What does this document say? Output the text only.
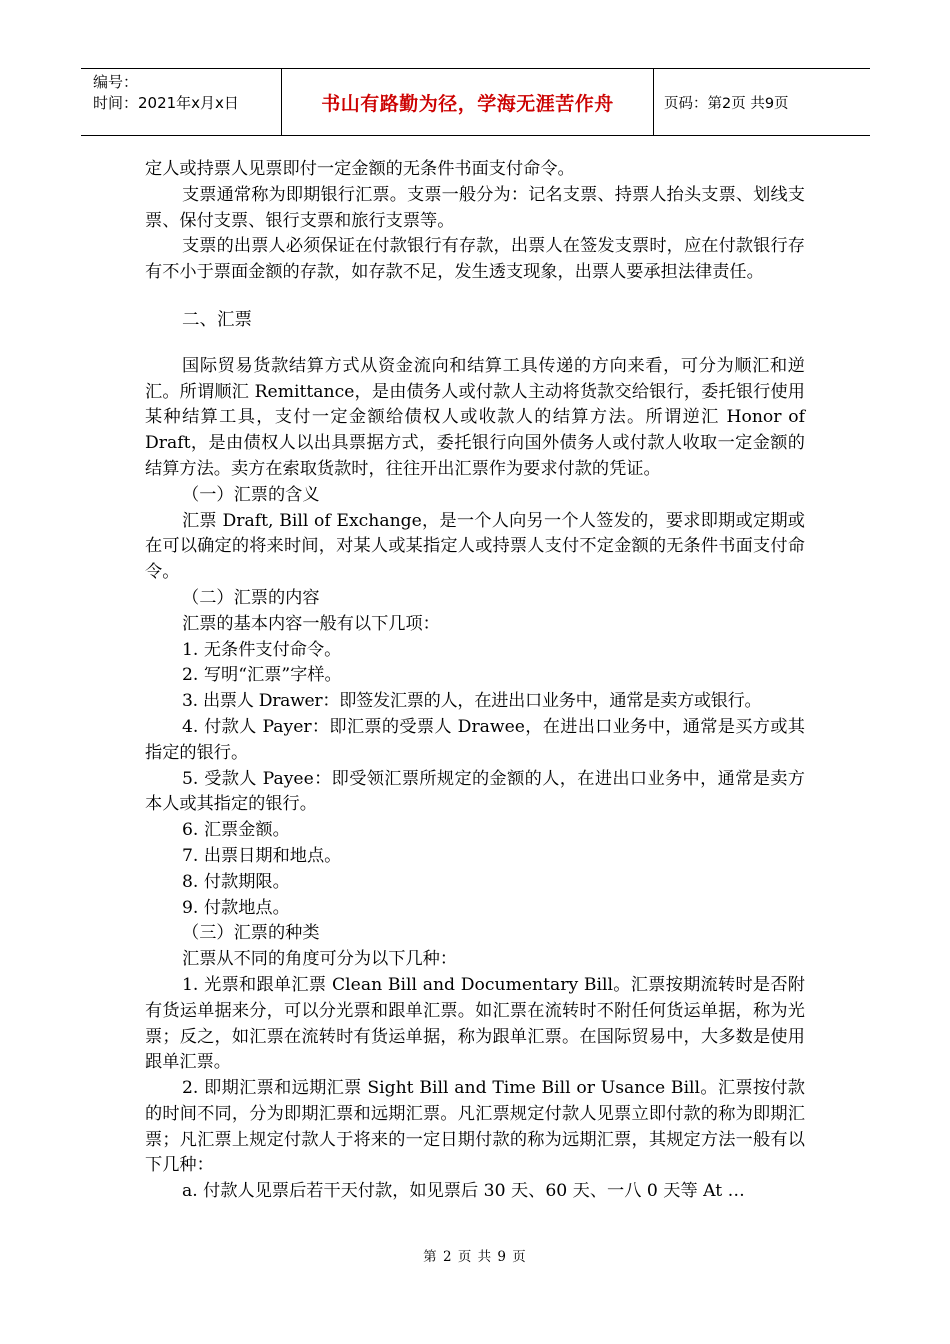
编号：
时间：2021年x月x日	书山有路勤为径，学海无涯苦作舟	页码：第2页 共9页

定人或持票人见票即付一定金额的无条件书面支付命令。

支票通常称为即期银行汇票。支票一般分为：记名支票、持票人抬头支票、划线支票、保付支票、银行支票和旅行支票等。

支票的出票人必须保证在付款银行有存款，出票人在签发支票时，应在付款银行存有不小于票面金额的存款，如存款不足，发生透支现象，出票人要承担法律责任。

二、汇票

国际贸易货款结算方式从资金流向和结算工具传递的方向来看，可分为顺汇和逆汇。所谓顺汇 Remittance，是由债务人或付款人主动将货款交给银行，委托银行使用某种结算工具，支付一定金额给债权人或收款人的结算方法。所谓逆汇 Honor of Draft，是由债权人以出具票据方式，委托银行向国外债务人或付款人收取一定金额的结算方法。卖方在索取货款时，往往开出汇票作为要求付款的凭证。

（一）汇票的含义

汇票 Draft, Bill of Exchange，是一个人向另一个人签发的，要求即期或定期或在可以确定的将来时间，对某人或某指定人或持票人支付不定金额的无条件书面支付命令。

（二）汇票的内容

汇票的基本内容一般有以下几项：

1. 无条件支付命令。

2. 写明“汇票”字样。

3. 出票人 Drawer：即签发汇票的人，在进出口业务中，通常是卖方或银行。

4. 付款人 Payer：即汇票的受票人 Drawee，在进出口业务中，通常是买方或其指定的银行。

5. 受款人 Payee：即受领汇票所规定的金额的人，在进出口业务中，通常是卖方本人或其指定的银行。

6. 汇票金额。

7. 出票日期和地点。

8. 付款期限。

9. 付款地点。

（三）汇票的种类

汇票从不同的角度可分为以下几种：

1. 光票和跟单汇票 Clean Bill and Documentary Bill。汇票按期流转时是否附有货运单据来分，可以分光票和跟单汇票。如汇票在流转时不附任何货运单据，称为光票；反之，如汇票在流转时有货运单据，称为跟单汇票。在国际贸易中，大多数是使用跟单汇票。

2. 即期汇票和远期汇票 Sight Bill and Time Bill or Usance Bill。汇票按付款的时间不同，分为即期汇票和远期汇票。凡汇票规定付款人见票立即付款的称为即期汇票；凡汇票上规定付款人于将来的一定日期付款的称为远期汇票，其规定方法一般有以下几种：

a. 付款人见票后若干天付款，如见票后 30 天、60 天、一八 0 天等 At …

第 2 页 共 9 页
